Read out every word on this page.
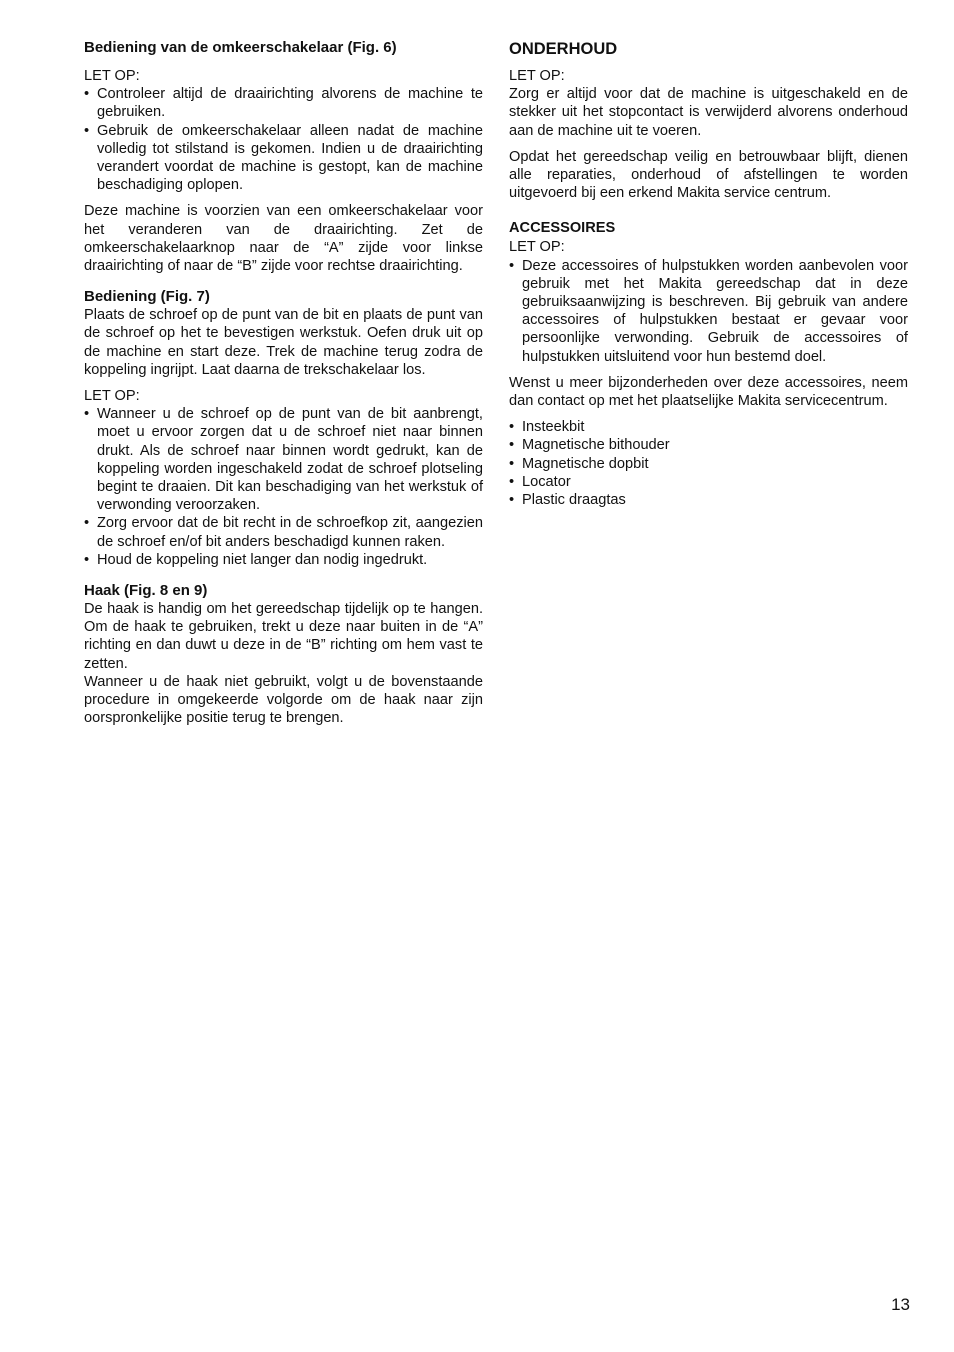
Bediening van de omkeerschakelaar (Fig. 6)

LET OP:

• Controleer altijd de draairichting alvorens de machine te gebruiken.
• Gebruik de omkeerschakelaar alleen nadat de machine volledig tot stilstand is gekomen. Indien u de draairichting verandert voordat de machine is gestopt, kan de machine beschadiging oplopen.

Deze machine is voorzien van een omkeerschakelaar voor het veranderen van de draairichting. Zet de omkeerschakelaarknop naar de “A” zijde voor linkse draairichting of naar de “B” zijde voor rechtse draairichting.

Bediening (Fig. 7)

Plaats de schroef op de punt van de bit en plaats de punt van de schroef op het te bevestigen werkstuk. Oefen druk uit op de machine en start deze. Trek de machine terug zodra de koppeling ingrijpt. Laat daarna de trekschakelaar los.

LET OP:

• Wanneer u de schroef op de punt van de bit aanbrengt, moet u ervoor zorgen dat u de schroef niet naar binnen drukt. Als de schroef naar binnen wordt gedrukt, kan de koppeling worden ingeschakeld zodat de schroef plotseling begint te draaien. Dit kan beschadiging van het werkstuk of verwonding veroorzaken.
• Zorg ervoor dat de bit recht in de schroefkop zit, aangezien de schroef en/of bit anders beschadigd kunnen raken.
• Houd de koppeling niet langer dan nodig ingedrukt.
Haak (Fig. 8 en 9)

De haak is handig om het gereedschap tijdelijk op te hangen. Om de haak te gebruiken, trekt u deze naar buiten in de “A” richting en dan duwt u deze in de “B” richting om hem vast te zetten.

Wanneer u de haak niet gebruikt, volgt u de bovenstaande procedure in omgekeerde volgorde om de haak naar zijn oorspronkelijke positie terug te brengen.

ONDERHOUD

LET OP:

Zorg er altijd voor dat de machine is uitgeschakeld en de stekker uit het stopcontact is verwijderd alvorens onderhoud aan de machine uit te voeren.

Opdat het gereedschap veilig en betrouwbaar blijft, dienen alle reparaties, onderhoud of afstellingen te worden uitgevoerd bij een erkend Makita service centrum.

ACCESSOIRES

LET OP:

• Deze accessoires of hulpstukken worden aanbevolen voor gebruik met het Makita gereedschap dat in deze gebruiksaanwijzing is beschreven. Bij gebruik van andere accessoires of hulpstukken bestaat er gevaar voor persoonlijke verwonding. Gebruik de accessoires of hulpstukken uitsluitend voor hun bestemd doel.

Wenst u meer bijzonderheden over deze accessoires, neem dan contact op met het plaatselijke Makita servicecentrum.

• Insteekbit
• Magnetische bithouder
• Magnetische dopbit
• Locator
• Plastic draagtas
13
